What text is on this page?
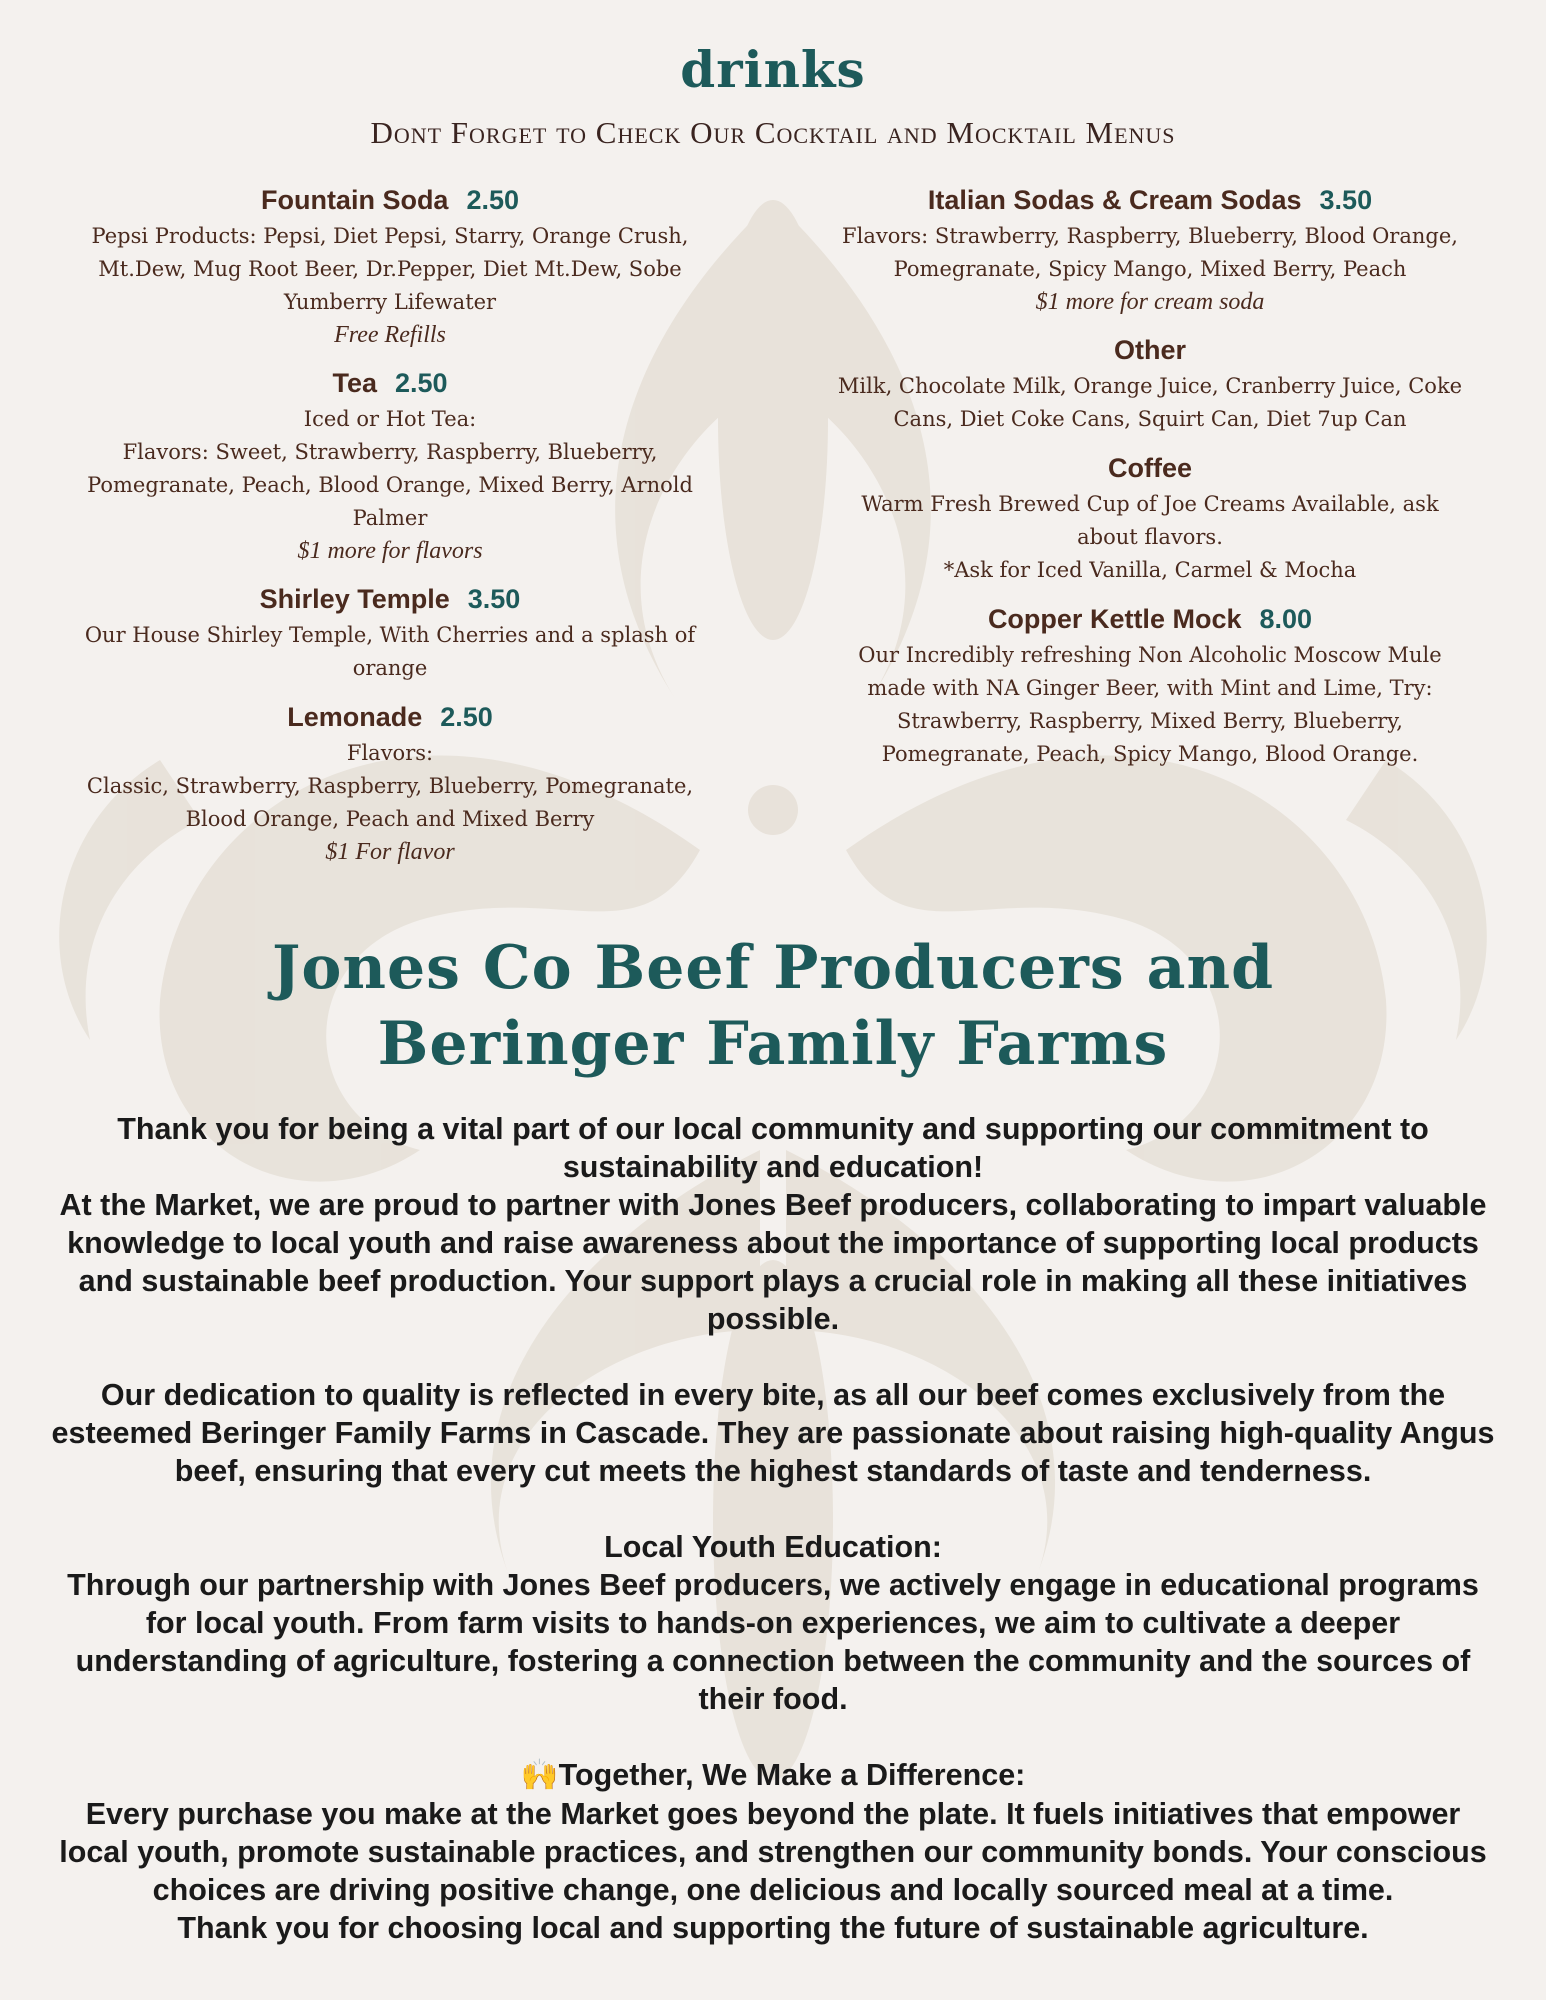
drinks
Dont Forget to Check Our Cocktail and Mocktail Menus
Fountain Soda 2.50
Pepsi Products: Pepsi, Diet Pepsi, Starry, Orange Crush,
Mt.Dew, Mug Root Beer, Dr.Pepper, Diet Mt.Dew, Sobe
Yumberry Lifewater
Free Refills
Tea 2.50
Iced or Hot Tea:
Flavors: Sweet, Strawberry, Raspberry, Blueberry,
Pomegranate, Peach, Blood Orange, Mixed Berry, Arnold
Palmer
$1 more for flavors
Shirley Temple 3.50
Our House Shirley Temple, With Cherries and a splash of
orange
Lemonade 2.50
Flavors:
Classic, Strawberry, Raspberry, Blueberry, Pomegranate,
Blood Orange, Peach and Mixed Berry
$1 For flavor
Italian Sodas & Cream Sodas 3.50
Flavors: Strawberry, Raspberry, Blueberry, Blood Orange,
Pomegranate, Spicy Mango, Mixed Berry, Peach
$1 more for cream soda
Other
Milk, Chocolate Milk, Orange Juice, Cranberry Juice, Coke
Cans, Diet Coke Cans, Squirt Can, Diet 7up Can
Coffee
Warm Fresh Brewed Cup of Joe Creams Available, ask
about flavors.
*Ask for Iced Vanilla, Carmel & Mocha
Copper Kettle Mock 8.00
Our Incredibly refreshing Non Alcoholic Moscow Mule
made with NA Ginger Beer, with Mint and Lime, Try:
Strawberry, Raspberry, Mixed Berry, Blueberry,
Pomegranate, Peach, Spicy Mango, Blood Orange.
Jones Co Beef Producers and
Beringer Family Farms
Thank you for being a vital part of our local community and supporting our commitment to
sustainability and education!
At the Market, we are proud to partner with Jones Beef producers, collaborating to impart valuable
knowledge to local youth and raise awareness about the importance of supporting local products
and sustainable beef production. Your support plays a crucial role in making all these initiatives
possible.
Our dedication to quality is reflected in every bite, as all our beef comes exclusively from the
esteemed Beringer Family Farms in Cascade. They are passionate about raising high-quality Angus
beef, ensuring that every cut meets the highest standards of taste and tenderness.
Local Youth Education:
Through our partnership with Jones Beef producers, we actively engage in educational programs
for local youth. From farm visits to hands-on experiences, we aim to cultivate a deeper
understanding of agriculture, fostering a connection between the community and the sources of
their food.
🙌Together, We Make a Difference:
Every purchase you make at the Market goes beyond the plate. It fuels initiatives that empower
local youth, promote sustainable practices, and strengthen our community bonds. Your conscious
choices are driving positive change, one delicious and locally sourced meal at a time.
Thank you for choosing local and supporting the future of sustainable agriculture.
